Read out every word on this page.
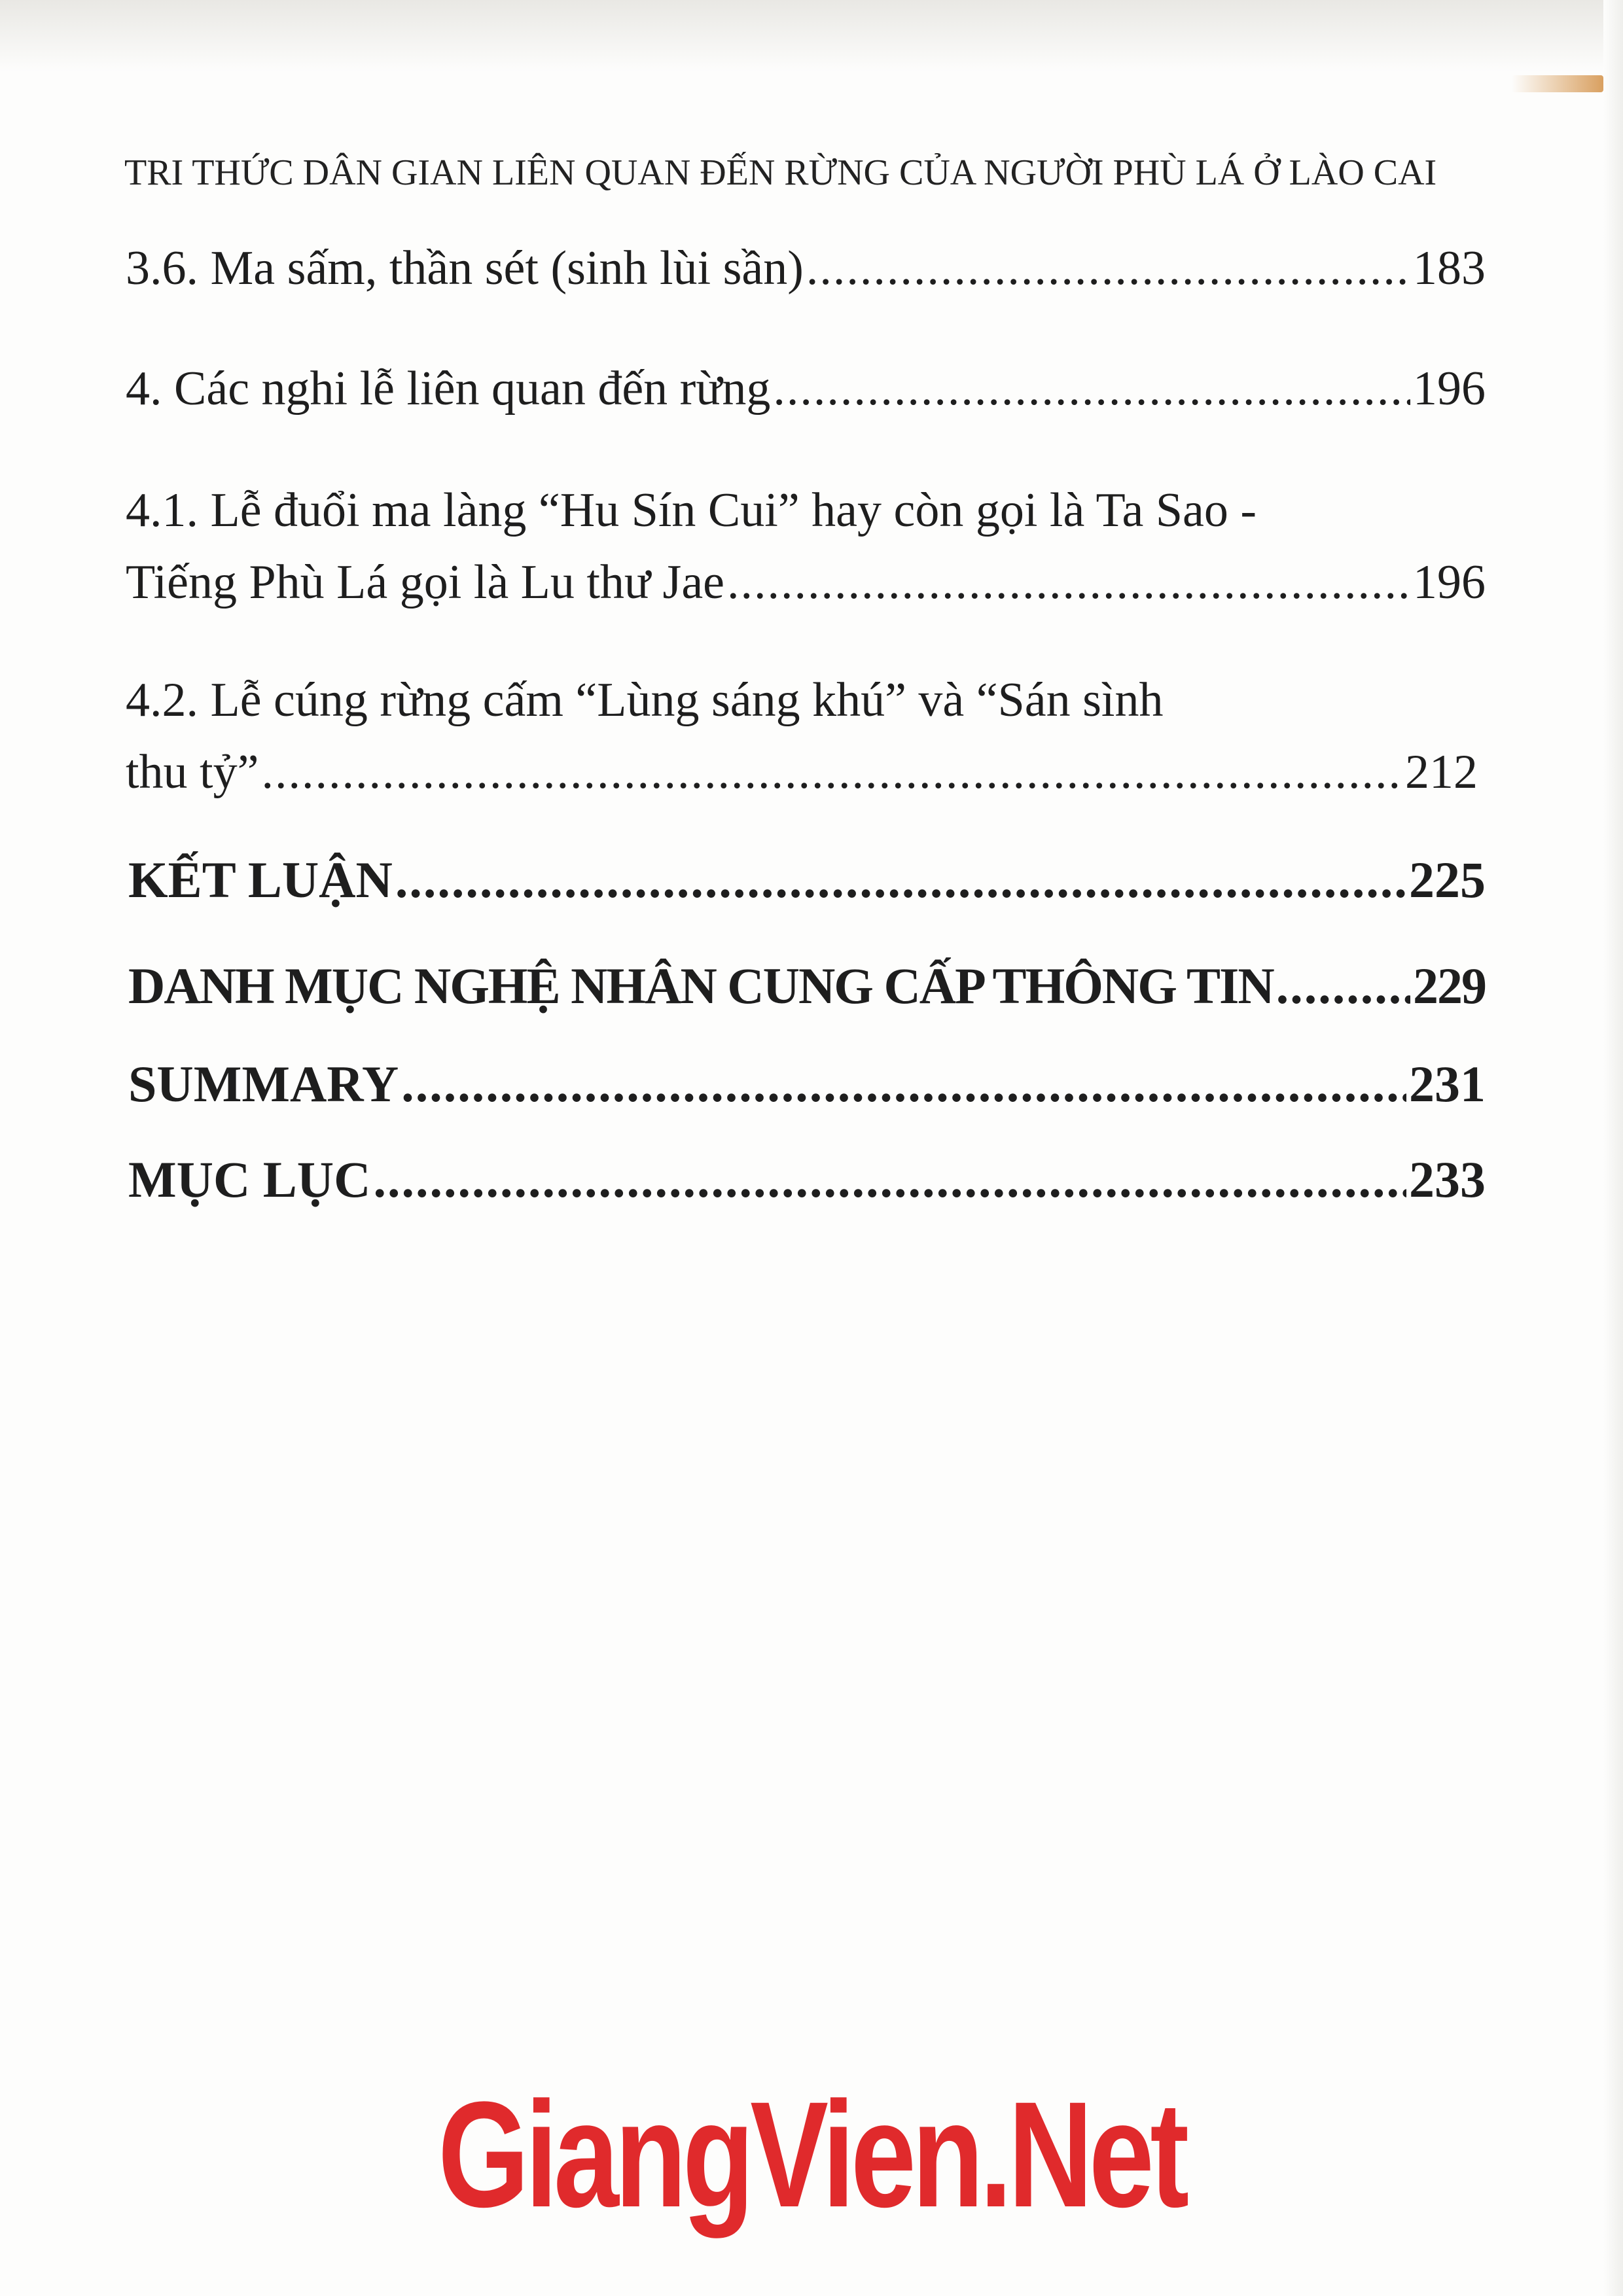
TRI THỨC DÂN GIAN LIÊN QUAN ĐẾN RỪNG CỦA NGƯỜI PHÙ LÁ Ở LÀO CAI
3.6. Ma sấm, thần sét (sinh lùi sần) .....	183
4. Các nghi lễ liên quan đến rừng .....	196
4.1. Lễ đuổi ma làng “Hu Sín Cui” hay còn gọi là Ta Sao -
Tiếng Phù Lá gọi là Lu thư Jae .....	196
4.2. Lễ cúng rừng cấm “Lùng sáng khú” và “Sán sình
thu tỷ” .....	212
KẾT LUẬN .....	225
DANH MỤC NGHỆ NHÂN CUNG CẤP THÔNG TIN .....	229
SUMMARY .....	231
MỤC LỤC .....	233
GiangVien.Net
